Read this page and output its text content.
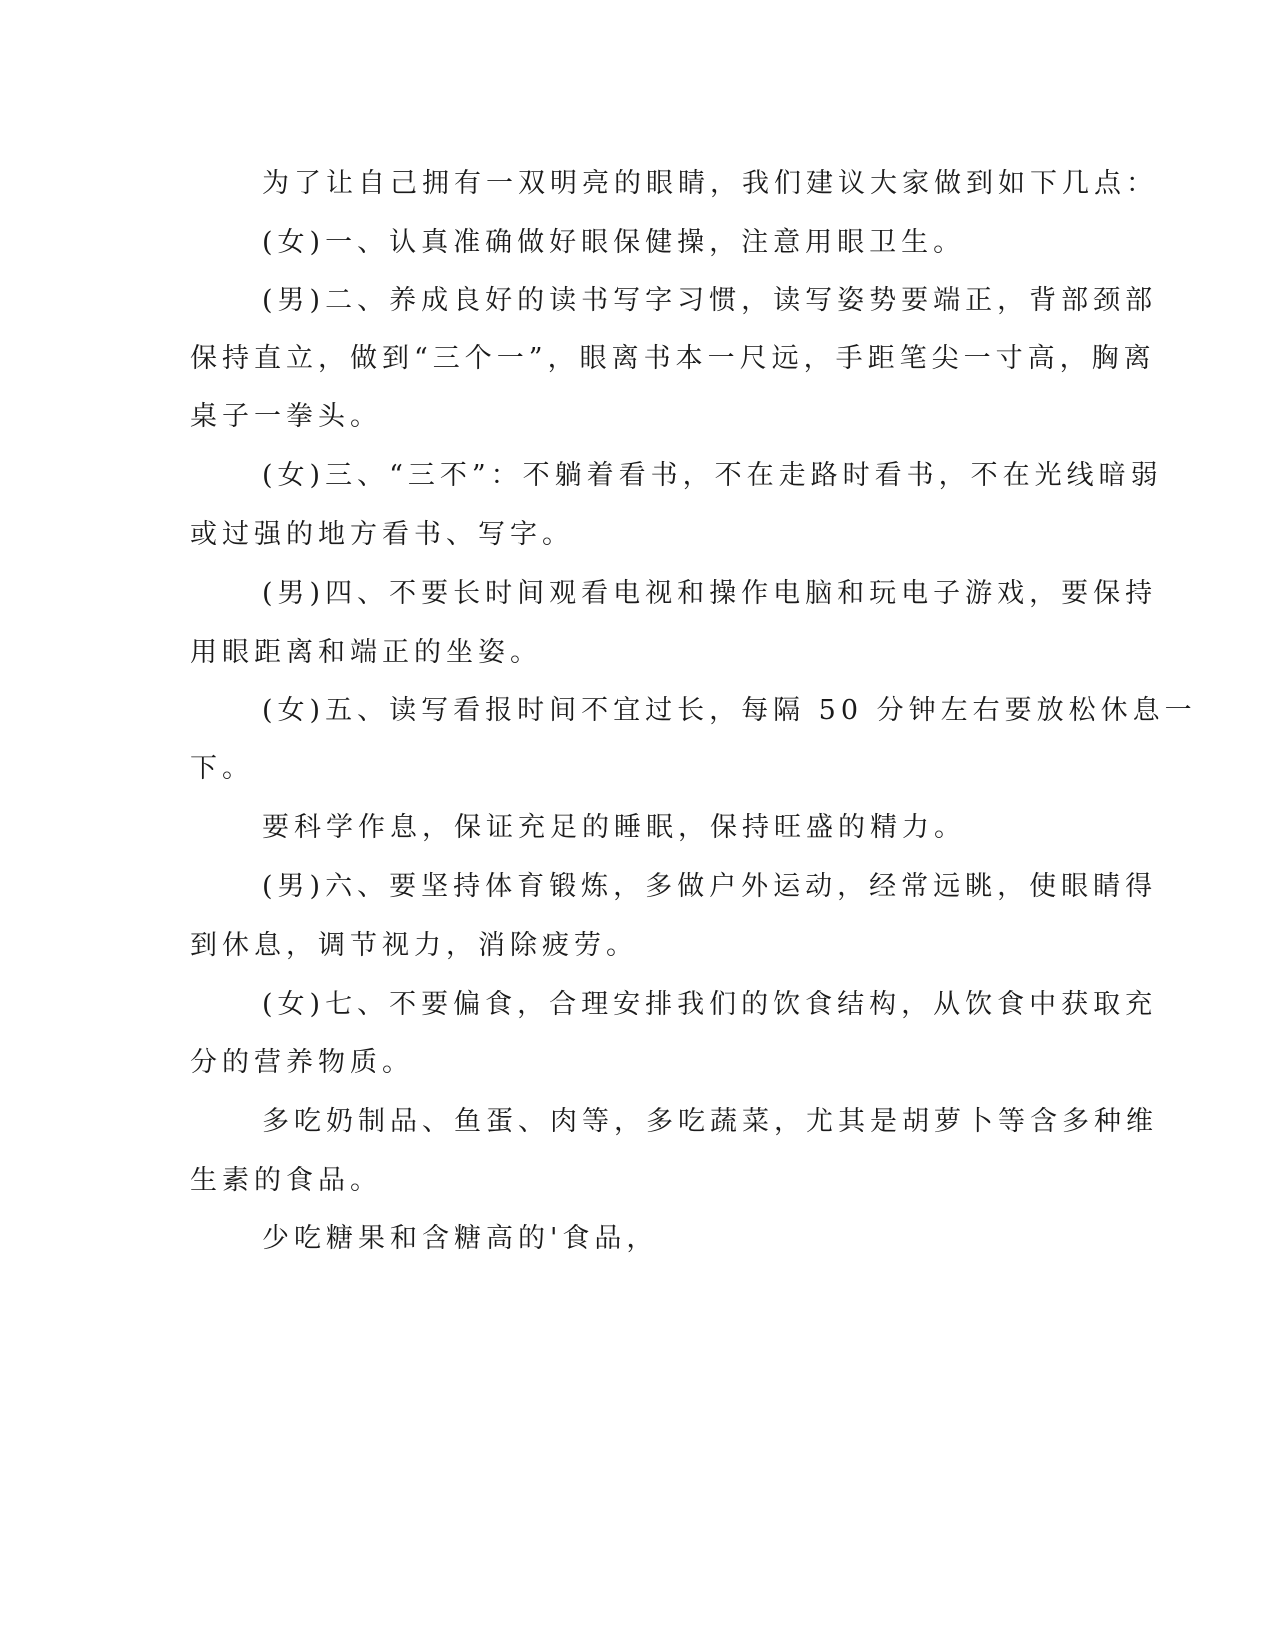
为了让自己拥有一双明亮的眼睛，我们建议大家做到如下几点：
(女)一、认真准确做好眼保健操，注意用眼卫生。
(男)二、养成良好的读书写字习惯，读写姿势要端正，背部颈部
保持直立，做到“三个一”，眼离书本一尺远，手距笔尖一寸高，胸离
桌子一拳头。
(女)三、“三不”：不躺着看书，不在走路时看书，不在光线暗弱
或过强的地方看书、写字。
(男)四、不要长时间观看电视和操作电脑和玩电子游戏，要保持
用眼距离和端正的坐姿。
(女)五、读写看报时间不宜过长，每隔 50 分钟左右要放松休息一
下。
要科学作息，保证充足的睡眠，保持旺盛的精力。
(男)六、要坚持体育锻炼，多做户外运动，经常远眺，使眼睛得
到休息，调节视力，消除疲劳。
(女)七、不要偏食，合理安排我们的饮食结构，从饮食中获取充
分的营养物质。
多吃奶制品、鱼蛋、肉等，多吃蔬菜，尤其是胡萝卜等含多种维
生素的食品。
少吃糖果和含糖高的'食品，
